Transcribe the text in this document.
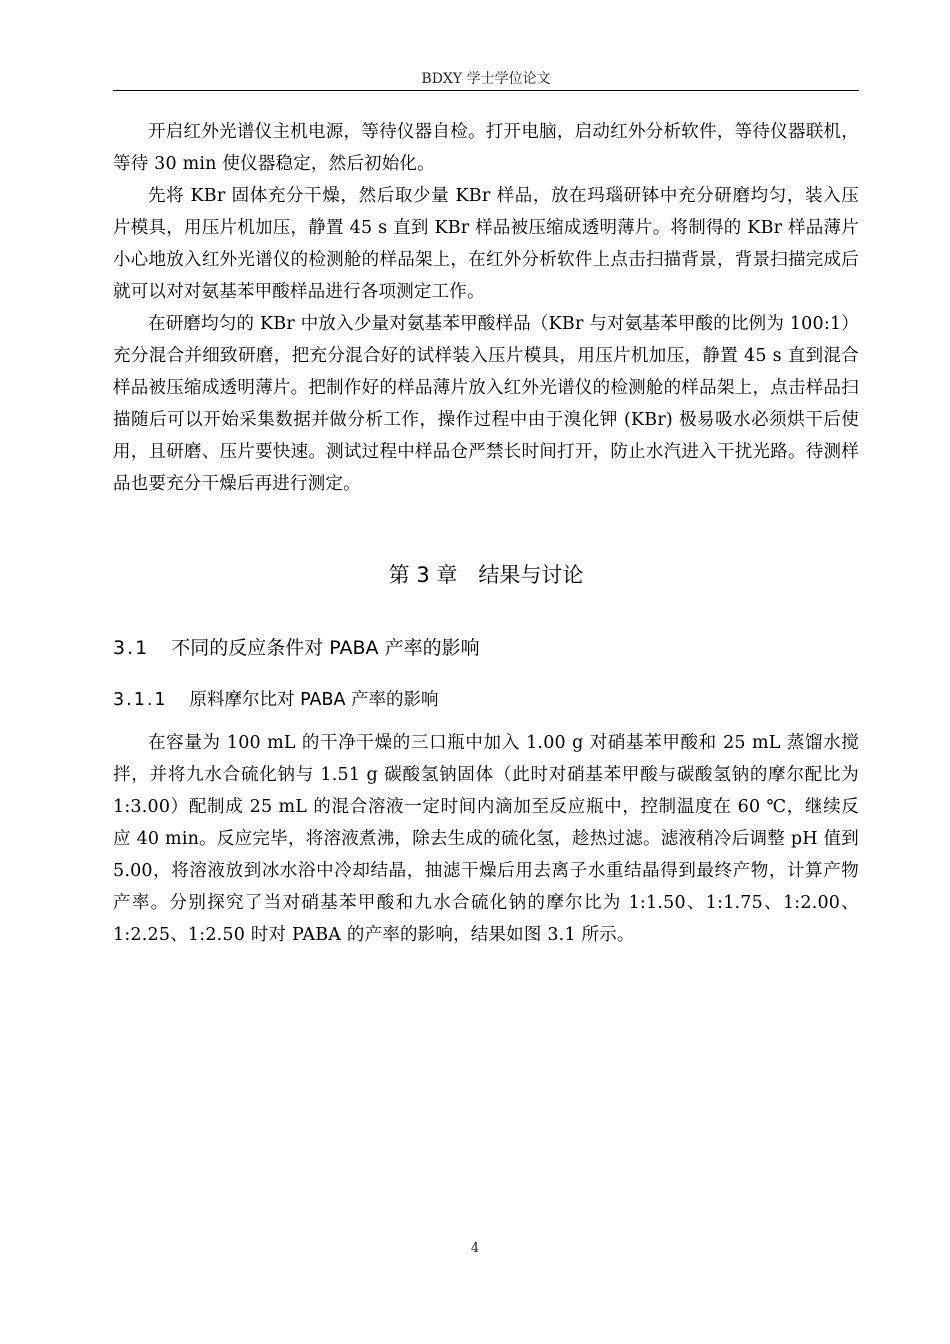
BDXY 学士学位论文

开启红外光谱仪主机电源，等待仪器自检。打开电脑，启动红外分析软件，等待仪器联机，等待 30 min 使仪器稳定，然后初始化。

先将 KBr 固体充分干燥，然后取少量 KBr 样品，放在玛瑙研钵中充分研磨均匀，装入压片模具，用压片机加压，静置 45 s 直到 KBr 样品被压缩成透明薄片。将制得的 KBr 样品薄片小心地放入红外光谱仪的检测舱的样品架上，在红外分析软件上点击扫描背景，背景扫描完成后就可以对对氨基苯甲酸样品进行各项测定工作。

在研磨均匀的 KBr 中放入少量对氨基苯甲酸样品（KBr 与对氨基苯甲酸的比例为 100:1）充分混合并细致研磨，把充分混合好的试样装入压片模具，用压片机加压，静置 45 s 直到混合样品被压缩成透明薄片。把制作好的样品薄片放入红外光谱仪的检测舱的样品架上，点击样品扫描随后可以开始采集数据并做分析工作，操作过程中由于溴化钾 (KBr) 极易吸水必须烘干后使用，且研磨、压片要快速。测试过程中样品仓严禁长时间打开，防止水汽进入干扰光路。待测样品也要充分干燥后再进行测定。

第 3 章　结果与讨论
3.1 不同的反应条件对 PABA 产率的影响
3.1.1 原料摩尔比对 PABA 产率的影响

在容量为 100 mL 的干净干燥的三口瓶中加入 1.00 g 对硝基苯甲酸和 25 mL 蒸馏水搅拌，并将九水合硫化钠与 1.51 g 碳酸氢钠固体（此时对硝基苯甲酸与碳酸氢钠的摩尔配比为 1:3.00）配制成 25 mL 的混合溶液一定时间内滴加至反应瓶中，控制温度在 60 ℃，继续反应 40 min。反应完毕，将溶液煮沸，除去生成的硫化氢，趁热过滤。滤液稍冷后调整 pH 值到 5.00，将溶液放到冰水浴中冷却结晶，抽滤干燥后用去离子水重结晶得到最终产物，计算产物产率。分别探究了当对硝基苯甲酸和九水合硫化钠的摩尔比为 1:1.50、1:1.75、1:2.00、1:2.25、1:2.50 时对 PABA 的产率的影响，结果如图 3.1 所示。

4
